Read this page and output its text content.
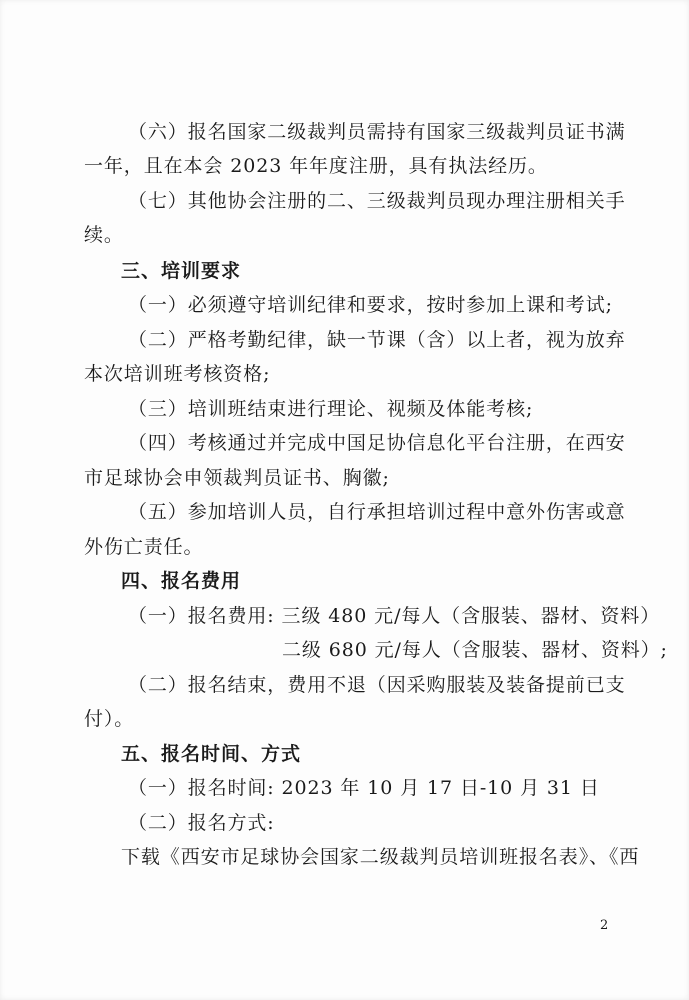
（六）报名国家二级裁判员需持有国家三级裁判员证书满
一年，且在本会 2023 年年度注册，具有执法经历。
（七）其他协会注册的二、三级裁判员现办理注册相关手
续。
三、培训要求
（一）必须遵守培训纪律和要求，按时参加上课和考试;
（二）严格考勤纪律，缺一节课（含）以上者，视为放弃
本次培训班考核资格;
（三）培训班结束进行理论、视频及体能考核;
（四）考核通过并完成中国足协信息化平台注册，在西安
市足球协会申领裁判员证书、胸徽;
（五）参加培训人员，自行承担培训过程中意外伤害或意
外伤亡责任。
四、报名费用
（一）报名费用: 三级 480 元/每人（含服装、器材、资料）
二级 680 元/每人（含服装、器材、资料）;
（二）报名结束，费用不退（因采购服装及装备提前已支
付）。
五、报名时间、方式
（一）报名时间: 2023 年 10 月 17 日-10 月 31 日
（二）报名方式:
下载《西安市足球协会国家二级裁判员培训班报名表》、《西
2
